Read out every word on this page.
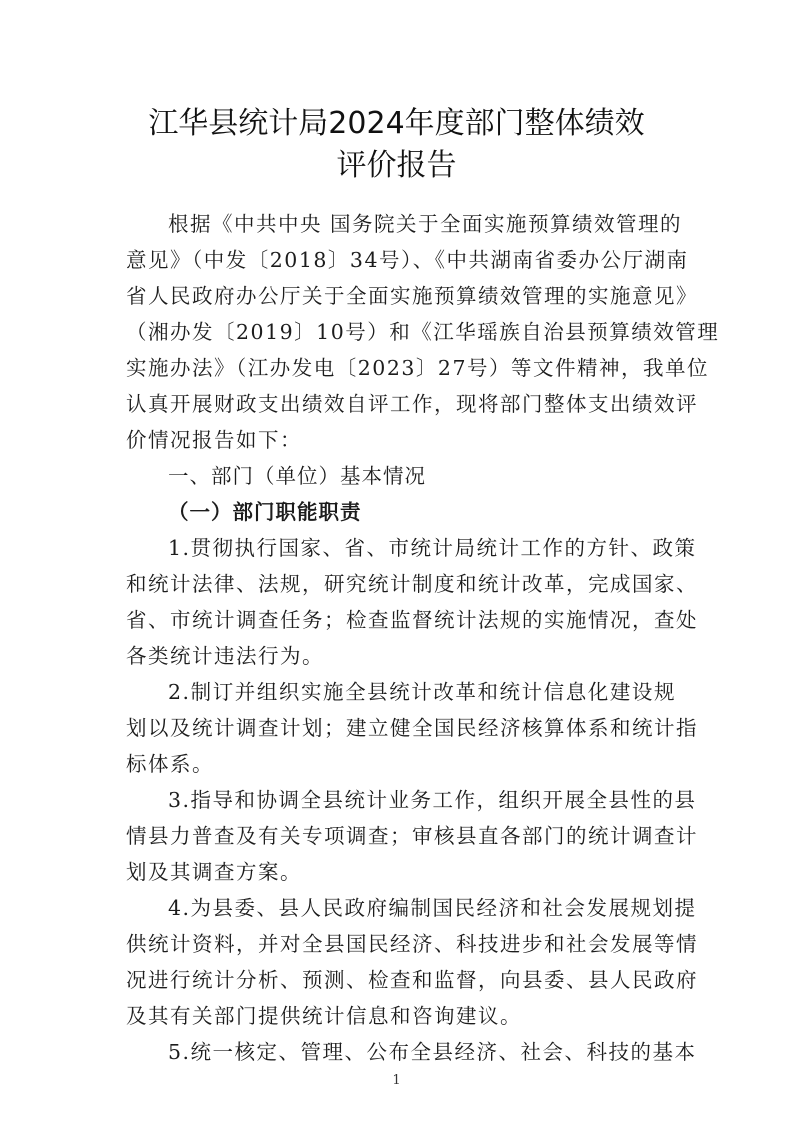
江华县统计局2024年度部门整体绩效
评价报告
根据《中共中央 国务院关于全面实施预算绩效管理的
意见》（中发〔2018〕34号）、《中共湖南省委办公厅湖南
省人民政府办公厅关于全面实施预算绩效管理的实施意见》
（湘办发〔2019〕10号）和《江华瑶族自治县预算绩效管理
实施办法》（江办发电〔2023〕27号）等文件精神，我单位
认真开展财政支出绩效自评工作，现将部门整体支出绩效评
价情况报告如下：
一、部门（单位）基本情况
（一）部门职能职责
1.贯彻执行国家、省、市统计局统计工作的方针、政策
和统计法律、法规，研究统计制度和统计改革，完成国家、
省、市统计调查任务；检查监督统计法规的实施情况，查处
各类统计违法行为。
2.制订并组织实施全县统计改革和统计信息化建设规
划以及统计调查计划；建立健全国民经济核算体系和统计指
标体系。
3.指导和协调全县统计业务工作，组织开展全县性的县
情县力普查及有关专项调查；审核县直各部门的统计调查计
划及其调查方案。
4.为县委、县人民政府编制国民经济和社会发展规划提
供统计资料，并对全县国民经济、科技进步和社会发展等情
况进行统计分析、预测、检查和监督，向县委、县人民政府
及其有关部门提供统计信息和咨询建议。
5.统一核定、管理、公布全县经济、社会、科技的基本
1
